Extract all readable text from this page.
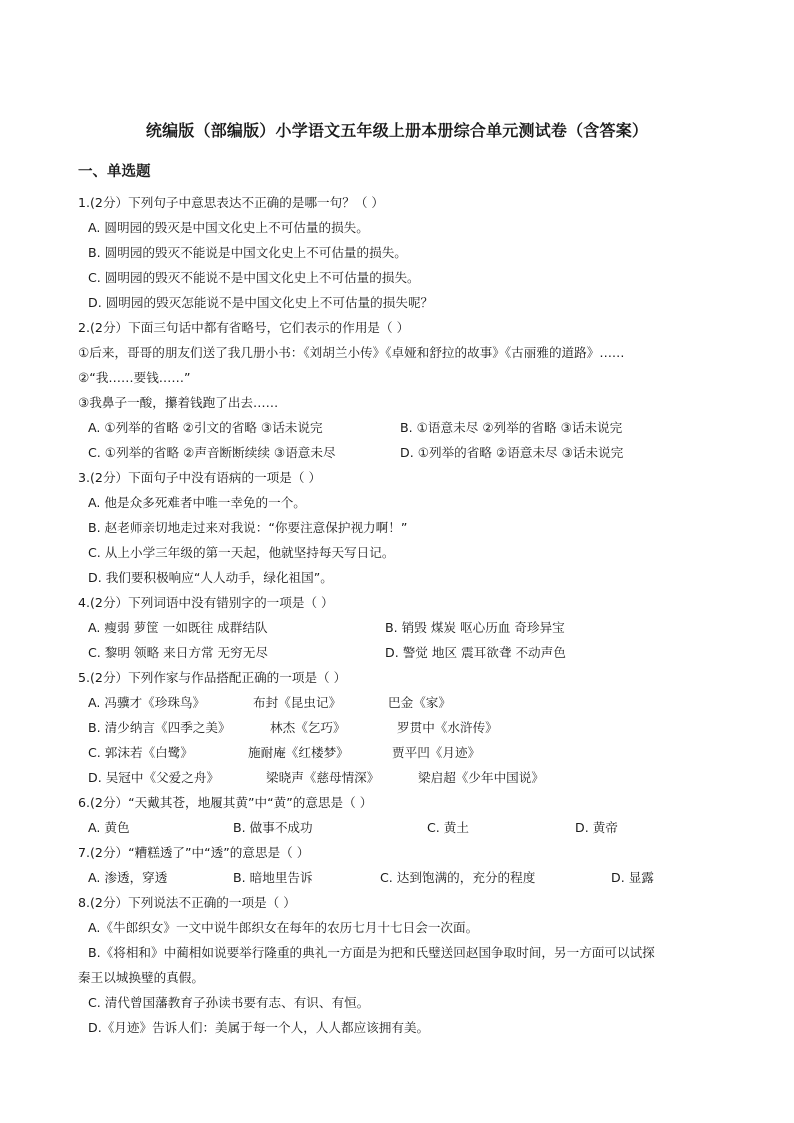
统编版（部编版）小学语文五年级上册本册综合单元测试卷（含答案）
一、单选题
1.(2分）下列句子中意思表达不正确的是哪一句？（ ）
A. 圆明园的毁灭是中国文化史上不可估量的损失。
B. 圆明园的毁灭不能说是中国文化史上不可估量的损失。
C. 圆明园的毁灭不能说不是中国文化史上不可估量的损失。
D. 圆明园的毁灭怎能说不是中国文化史上不可估量的损失呢？
2.(2分）下面三句话中都有省略号，它们表示的作用是（ ）
①后来，哥哥的朋友们送了我几册小书：《刘胡兰小传》《卓娅和舒拉的故事》《古丽雅的道路》……
②“我……要钱……”
③我鼻子一酸，攥着钱跑了出去……
A. ①列举的省略 ②引文的省略 ③话未说完	B. ①语意未尽 ②列举的省略 ③话未说完
C. ①列举的省略 ②声音断断续续 ③语意未尽	D. ①列举的省略 ②语意未尽 ③话未说完
3.(2分）下面句子中没有语病的一项是（ ）
A. 他是众多死难者中唯一幸免的一个。
B. 赵老师亲切地走过来对我说：“你要注意保护视力啊！”
C. 从上小学三年级的第一天起，他就坚持每天写日记。
D. 我们要积极响应“人人动手，绿化祖国”。
4.(2分）下列词语中没有错别字的一项是（ ）
A. 瘦弱 萝筐 一如既往 成群结队	B. 销毁 煤炭 呕心历血 奇珍异宝
C. 黎明 领略 来日方常 无穷无尽	D. 警觉 地区 震耳欲聋 不动声色
5.(2分）下列作家与作品搭配正确的一项是（ ）
A. 冯骥才《珍珠鸟》	布封《昆虫记》	巴金《家》
B. 清少纳言《四季之美》	林杰《乞巧》	罗贯中《水浒传》
C. 郭沫若《白鹭》	施耐庵《红楼梦》	贾平凹《月迹》
D. 吴冠中《父爱之舟》	梁晓声《慈母情深》	梁启超《少年中国说》
6.(2分）“天戴其苍，地履其黄”中“黄”的意思是（ ）
A. 黄色	B. 做事不成功	C. 黄土	D. 黄帝
7.(2分）“糟糕透了”中“透”的意思是（ ）
A. 渗透，穿透	B. 暗地里告诉	C. 达到饱满的，充分的程度	D. 显露
8.(2分）下列说法不正确的一项是（ ）
A.《牛郎织女》一文中说牛郎织女在每年的农历七月十七日会一次面。
B.《将相和》中蔺相如说要举行隆重的典礼一方面是为把和氏璧送回赵国争取时间，另一方面可以试探
秦王以城换璧的真假。
C. 清代曾国藩教育子孙读书要有志、有识、有恒。
D.《月迹》告诉人们：美属于每一个人，人人都应该拥有美。
